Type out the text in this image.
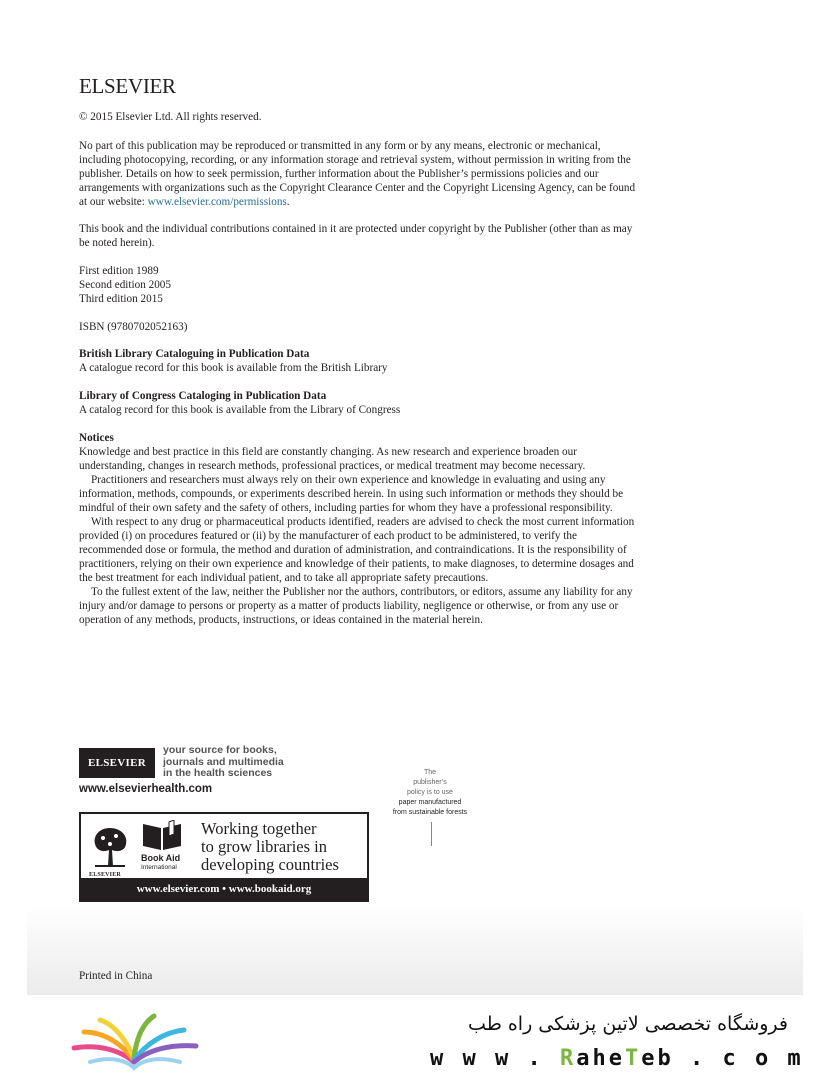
ELSEVIER
© 2015 Elsevier Ltd. All rights reserved.
No part of this publication may be reproduced or transmitted in any form or by any means, electronic or mechanical, including photocopying, recording, or any information storage and retrieval system, without permission in writing from the publisher. Details on how to seek permission, further information about the Publisher’s permissions policies and our arrangements with organizations such as the Copyright Clearance Center and the Copyright Licensing Agency, can be found at our website: www.elsevier.com/permissions.
This book and the individual contributions contained in it are protected under copyright by the Publisher (other than as may be noted herein).
First edition 1989
Second edition 2005
Third edition 2015
ISBN (9780702052163)
British Library Cataloguing in Publication Data
A catalogue record for this book is available from the British Library
Library of Congress Cataloging in Publication Data
A catalog record for this book is available from the Library of Congress
Notices

Knowledge and best practice in this field are constantly changing. As new research and experience broaden our understanding, changes in research methods, professional practices, or medical treatment may become necessary.

Practitioners and researchers must always rely on their own experience and knowledge in evaluating and using any information, methods, compounds, or experiments described herein. In using such information or methods they should be mindful of their own safety and the safety of others, including parties for whom they have a professional responsibility.

With respect to any drug or pharmaceutical products identified, readers are advised to check the most current information provided (i) on procedures featured or (ii) by the manufacturer of each product to be administered, to verify the recommended dose or formula, the method and duration of administration, and contraindications. It is the responsibility of practitioners, relying on their own experience and knowledge of their patients, to make diagnoses, to determine dosages and the best treatment for each individual patient, and to take all appropriate safety precautions.

To the fullest extent of the law, neither the Publisher nor the authors, contributors, or editors, assume any liability for any injury and/or damage to persons or property as a matter of products liability, negligence or otherwise, or from any use or operation of any methods, products, instructions, or ideas contained in the material herein.

ELSEVIER
your source for books,
journals and multimedia
in the health sciences
www.elsevierhealth.com
The
publisher’s
policy is to use
paper manufactured
from sustainable forests
ELSEVIER
Book Aid
International
Working together
to grow libraries in
developing countries
www.elsevier.com • www.bookaid.org
Printed in China
فروشگاه تخصصی لاتین پزشکی راه طب
w w w . RaheTeb . c o m
